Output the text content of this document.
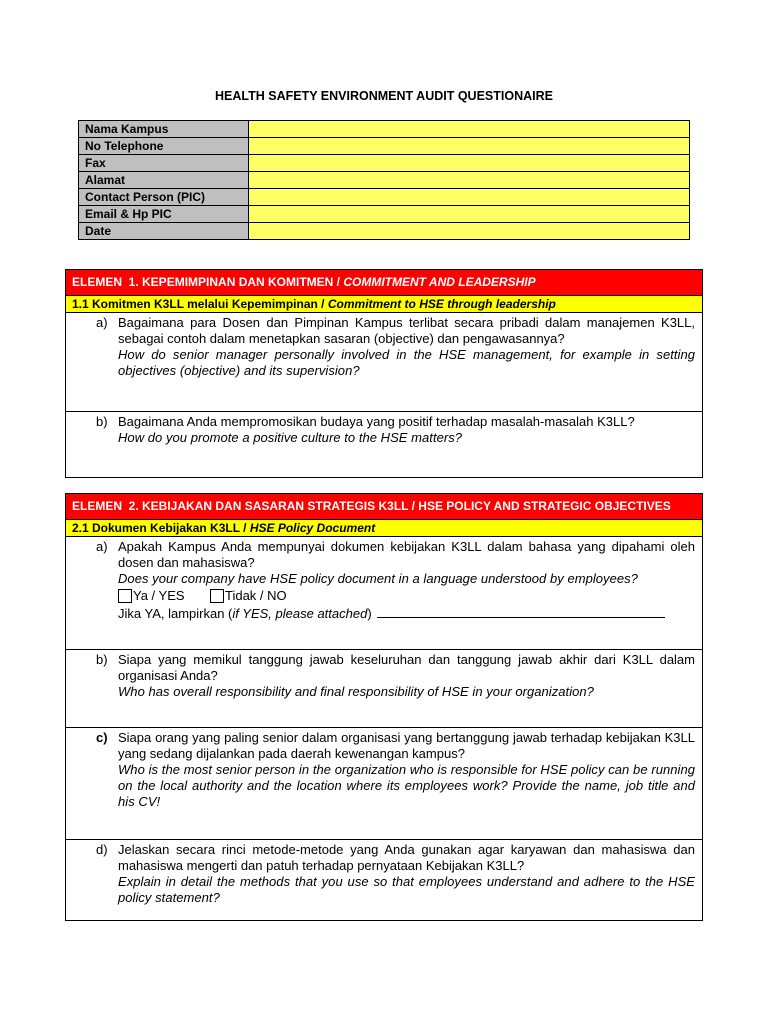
HEALTH SAFETY ENVIRONMENT AUDIT QUESTIONAIRE
Nama Kampus
No Telephone
Fax
Alamat
Contact Person (PIC)
Email & Hp PIC
Date
ELEMEN  1. KEPEMIMPINAN DAN KOMITMEN / COMMITMENT AND LEADERSHIP
1.1 Komitmen K3LL melalui Kepemimpinan / Commitment to HSE through leadership
a) Bagaimana para Dosen dan Pimpinan Kampus terlibat secara pribadi dalam manajemen K3LL, sebagai contoh dalam menetapkan sasaran (objective) dan pengawasannya?
How do senior manager personally involved in the HSE management, for example in setting objectives (objective) and its supervision?
b) Bagaimana Anda mempromosikan budaya yang positif terhadap masalah-masalah K3LL?
How do you promote a positive culture to the HSE matters?
ELEMEN  2. KEBIJAKAN DAN SASARAN STRATEGIS K3LL / HSE POLICY AND STRATEGIC OBJECTIVES
2.1 Dokumen Kebijakan K3LL / HSE Policy Document
a) Apakah Kampus Anda mempunyai dokumen kebijakan K3LL dalam bahasa yang dipahami oleh dosen dan mahasiswa?
Does your company have HSE policy document in a language understood by employees?
Ya / YES	Tidak / NO
Jika YA, lampirkan (if YES, please attached)
b) Siapa yang memikul tanggung jawab keseluruhan dan tanggung jawab akhir dari K3LL dalam organisasi Anda?
Who has overall responsibility and final responsibility of HSE in your organization?
c) Siapa orang yang paling senior dalam organisasi yang bertanggung jawab terhadap kebijakan K3LL yang sedang dijalankan pada daerah kewenangan kampus?
Who is the most senior person in the organization who is responsible for HSE policy can be running on the local authority and the location where its employees work? Provide the name, job title and his CV!
d) Jelaskan secara rinci metode-metode yang Anda gunakan agar karyawan dan mahasiswa dan mahasiswa mengerti dan patuh terhadap pernyataan Kebijakan K3LL?
Explain in detail the methods that you use so that employees understand and adhere to the HSE policy statement?
